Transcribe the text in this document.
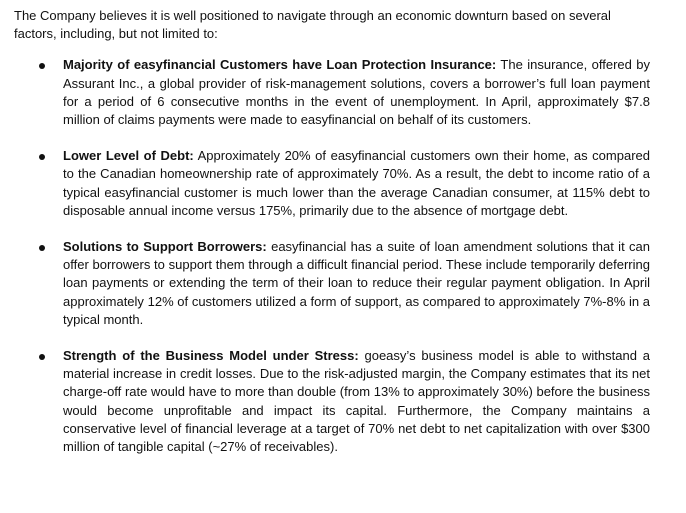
The Company believes it is well positioned to navigate through an economic downturn based on several factors, including, but not limited to:

Majority of easyfinancial Customers have Loan Protection Insurance: The insurance, offered by Assurant Inc., a global provider of risk-management solutions, covers a borrower’s full loan payment for a period of 6 consecutive months in the event of unemployment. In April, approximately $7.8 million of claims payments were made to easyfinancial on behalf of its customers.
Lower Level of Debt: Approximately 20% of easyfinancial customers own their home, as compared to the Canadian homeownership rate of approximately 70%. As a result, the debt to income ratio of a typical easyfinancial customer is much lower than the average Canadian consumer, at 115% debt to disposable annual income versus 175%, primarily due to the absence of mortgage debt.
Solutions to Support Borrowers: easyfinancial has a suite of loan amendment solutions that it can offer borrowers to support them through a difficult financial period. These include temporarily deferring loan payments or extending the term of their loan to reduce their regular payment obligation. In April approximately 12% of customers utilized a form of support, as compared to approximately 7%-8% in a typical month.
Strength of the Business Model under Stress: goeasy’s business model is able to withstand a material increase in credit losses. Due to the risk-adjusted margin, the Company estimates that its net charge-off rate would have to more than double (from 13% to approximately 30%) before the business would become unprofitable and impact its capital. Furthermore, the Company maintains a conservative level of financial leverage at a target of 70% net debt to net capitalization with over $300 million of tangible capital (~27% of receivables).
